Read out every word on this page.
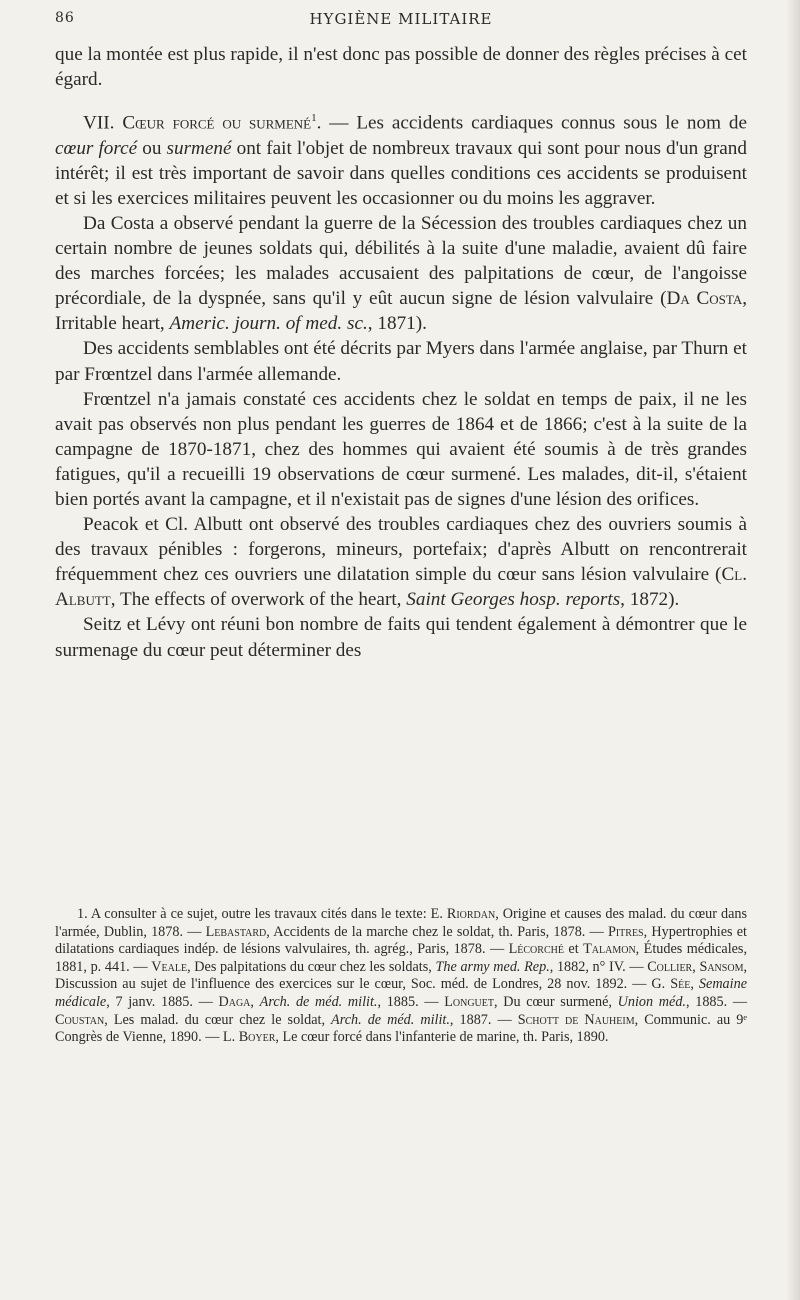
86	HYGIÈNE MILITAIRE

que la montée est plus rapide, il n'est donc pas possible de donner des règles précises à cet égard.

VII. Cœur forcé ou surmené$^1$. — Les accidents cardiaques connus sous le nom de cœur forcé ou surmené ont fait l'objet de nombreux travaux qui sont pour nous d'un grand intérêt; il est très important de savoir dans quelles conditions ces accidents se produisent et si les exercices militaires peuvent les occasionner ou du moins les aggraver.

Da Costa a observé pendant la guerre de la Sécession des troubles cardiaques chez un certain nombre de jeunes soldats qui, débilités à la suite d'une maladie, avaient dû faire des marches forcées; les malades accusaient des palpitations de cœur, de l'angoisse précordiale, de la dyspnée, sans qu'il y eût aucun signe de lésion valvulaire (Da Costa, Irritable heart, Americ. journ. of med. sc., 1871).

Des accidents semblables ont été décrits par Myers dans l'armée anglaise, par Thurn et par Frœntzel dans l'armée allemande.

Frœntzel n'a jamais constaté ces accidents chez le soldat en temps de paix, il ne les avait pas observés non plus pendant les guerres de 1864 et de 1866; c'est à la suite de la campagne de 1870-1871, chez des hommes qui avaient été soumis à de très grandes fatigues, qu'il a recueilli 19 observations de cœur surmené. Les malades, dit-il, s'étaient bien portés avant la campagne, et il n'existait pas de signes d'une lésion des orifices.

Peacok et Cl. Albutt ont observé des troubles cardiaques chez des ouvriers soumis à des travaux pénibles : forgerons, mineurs, portefaix; d'après Albutt on rencontrerait fréquemment chez ces ouvriers une dilatation simple du cœur sans lésion valvulaire (Cl. Albutt, The effects of overwork of the heart, Saint Georges hosp. reports, 1872).

Seitz et Lévy ont réuni bon nombre de faits qui tendent également à démontrer que le surmenage du cœur peut déterminer des

1. A consulter à ce sujet, outre les travaux cités dans le texte: E. Riordan, Origine et causes des malad. du cœur dans l'armée, Dublin, 1878. — Lebastard, Accidents de la marche chez le soldat, th. Paris, 1878. — Pitres, Hypertrophies et dilatations cardiaques indép. de lésions valvulaires, th. agrég., Paris, 1878. — Lécorché et Talamon, Études médicales, 1881, p. 441. — Veale, Des palpitations du cœur chez les soldats, The army med. Rep., 1882, n° IV. — Collier, Sansom, Discussion au sujet de l'influence des exercices sur le cœur, Soc. méd. de Londres, 28 nov. 1892. — G. Sée, Semaine médicale, 7 janv. 1885. — Daga, Arch. de méd. milit., 1885. — Longuet, Du cœur surmené, Union méd., 1885. — Coustan, Les malad. du cœur chez le soldat, Arch. de méd. milit., 1887. — Schott de Nauheim, Communic. au 9ᵉ Congrès de Vienne, 1890. — L. Boyer, Le cœur forcé dans l'infanterie de marine, th. Paris, 1890.
